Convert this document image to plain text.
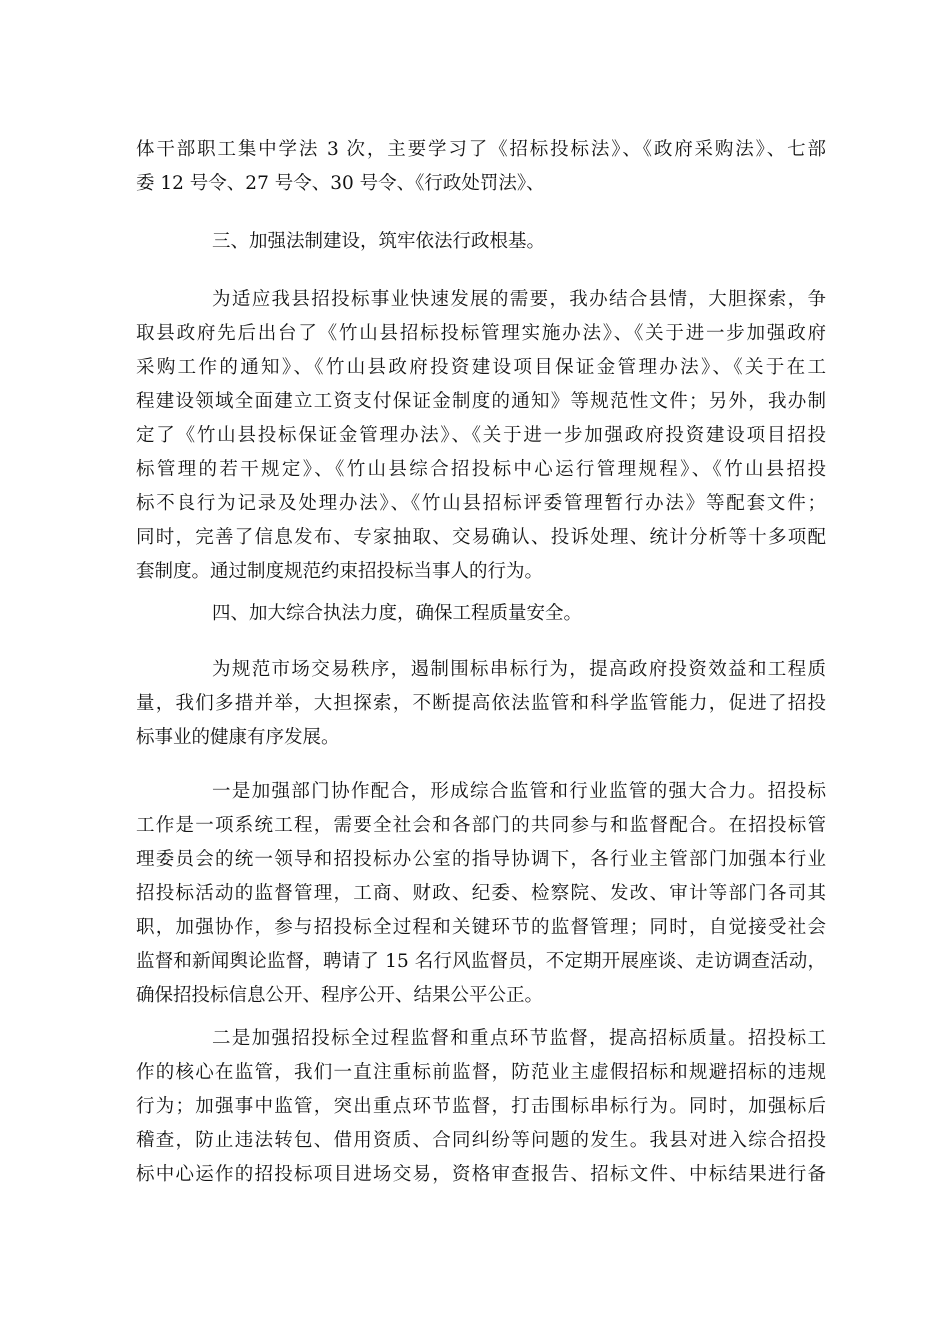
体干部职工集中学法 3 次，主要学习了《招标投标法》、《政府采购法》、七部
委 12 号令、27 号令、30 号令、《行政处罚法》、
三、加强法制建设，筑牢依法行政根基。
为适应我县招投标事业快速发展的需要，我办结合县情，大胆探索，争
取县政府先后出台了《竹山县招标投标管理实施办法》、《关于进一步加强政府
采购工作的通知》、《竹山县政府投资建设项目保证金管理办法》、《关于在工
程建设领域全面建立工资支付保证金制度的通知》等规范性文件；另外，我办制
定了《竹山县投标保证金管理办法》、《关于进一步加强政府投资建设项目招投
标管理的若干规定》、《竹山县综合招投标中心运行管理规程》、《竹山县招投
标不良行为记录及处理办法》、《竹山县招标评委管理暂行办法》等配套文件；
同时，完善了信息发布、专家抽取、交易确认、投诉处理、统计分析等十多项配
套制度。通过制度规范约束招投标当事人的行为。
四、加大综合执法力度，确保工程质量安全。
为规范市场交易秩序，遏制围标串标行为，提高政府投资效益和工程质
量，我们多措并举，大担探索，不断提高依法监管和科学监管能力，促进了招投
标事业的健康有序发展。
一是加强部门协作配合，形成综合监管和行业监管的强大合力。招投标
工作是一项系统工程，需要全社会和各部门的共同参与和监督配合。在招投标管
理委员会的统一领导和招投标办公室的指导协调下，各行业主管部门加强本行业
招投标活动的监督管理，工商、财政、纪委、检察院、发改、审计等部门各司其
职，加强协作，参与招投标全过程和关键环节的监督管理；同时，自觉接受社会
监督和新闻舆论监督，聘请了 15 名行风监督员，不定期开展座谈、走访调查活动，
确保招投标信息公开、程序公开、结果公平公正。
二是加强招投标全过程监督和重点环节监督，提高招标质量。招投标工
作的核心在监管，我们一直注重标前监督，防范业主虚假招标和规避招标的违规
行为；加强事中监管，突出重点环节监督，打击围标串标行为。同时，加强标后
稽查，防止违法转包、借用资质、合同纠纷等问题的发生。我县对进入综合招投
标中心运作的招投标项目进场交易，资格审查报告、招标文件、中标结果进行备
